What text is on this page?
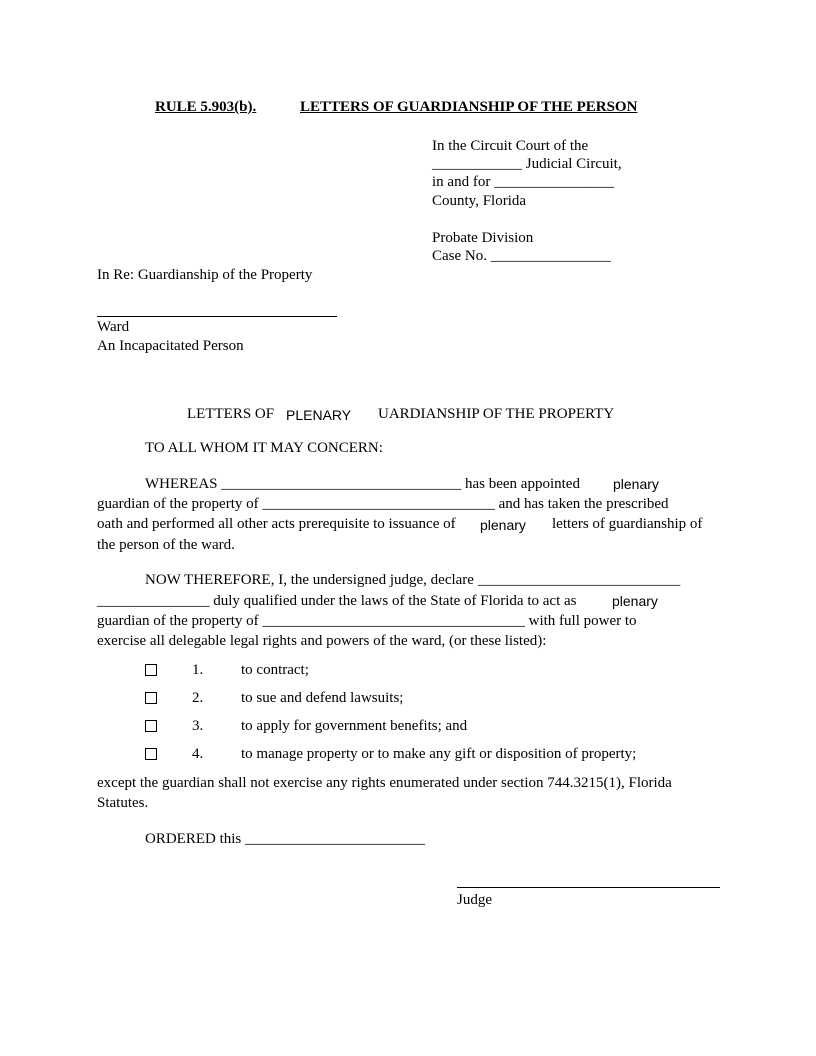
RULE 5.903(b).	LETTERS OF GUARDIANSHIP OF THE PERSON
In the Circuit Court of the
____________ Judicial Circuit,
in and for ________________
County, Florida
Probate Division
Case No. ________________
In Re: Guardianship of the Property
Ward
An Incapacitated Person
LETTERS OF PLENARY UARDIANSHIP OF THE PROPERTY
TO ALL WHOM IT MAY CONCERN:
WHEREAS ________________________________ has been appointed plenary
guardian of the property of _______________________________ and has taken the prescribed
oath and performed all other acts prerequisite to issuance of plenary letters of guardianship of
the person of the ward.
NOW THEREFORE, I, the undersigned judge, declare ___________________________
_______________ duly qualified under the laws of the State of Florida to act as	plenary
guardian of the property of ___________________________________ with full power to
exercise all delegable legal rights and powers of the ward, (or these listed):
1.	to contract;
2.	to sue and defend lawsuits;
3.	to apply for government benefits; and
4.	to manage property or to make any gift or disposition of property;
except the guardian shall not exercise any rights enumerated under section 744.3215(1), Florida
Statutes.
ORDERED this ________________________
Judge
